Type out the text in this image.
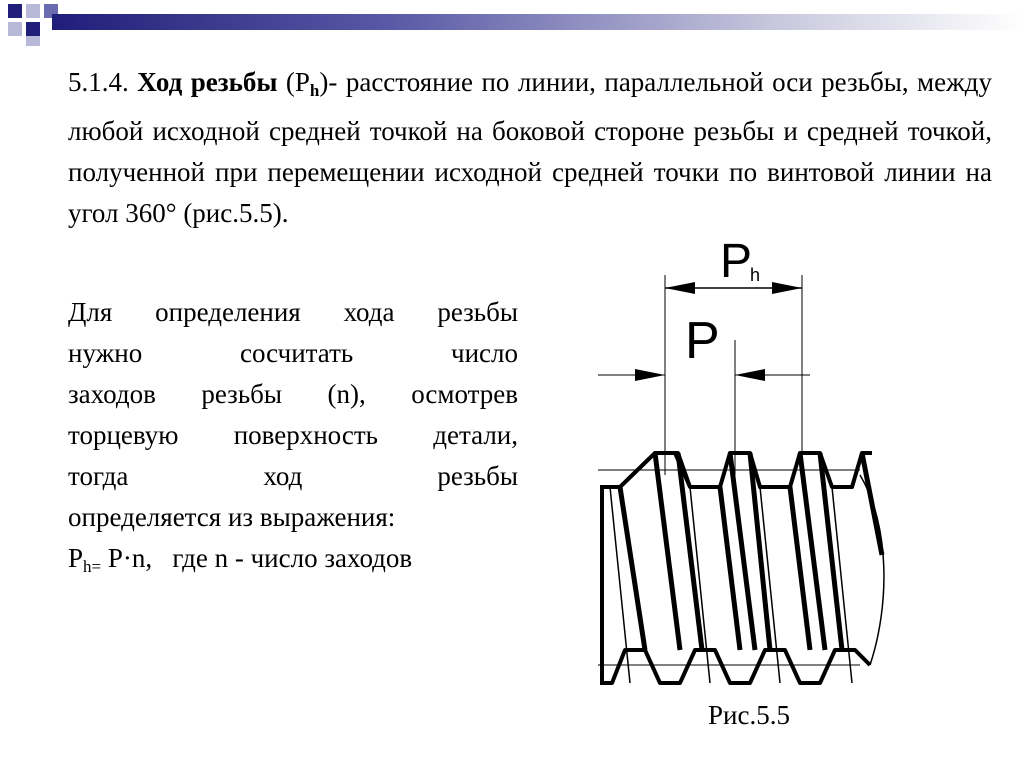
5.1.4. Ход резьбы $(P_h)-$ расстояние по линии, параллельной оси резьбы, между любой исходной средней точкой на боковой стороне резьбы и средней точкой, полученной при перемещении исходной средней точки по винтовой линии на угол 360° (рис.5.5).
Для определения хода резьбы
нужно сосчитать число
заходов резьбы (n), осмотрев
торцевую поверхность детали,
тогда ход резьбы
определяется из выражения:
$P_{h=}$ P·n, где n - число заходов
P
h
P
Рис.5.5
